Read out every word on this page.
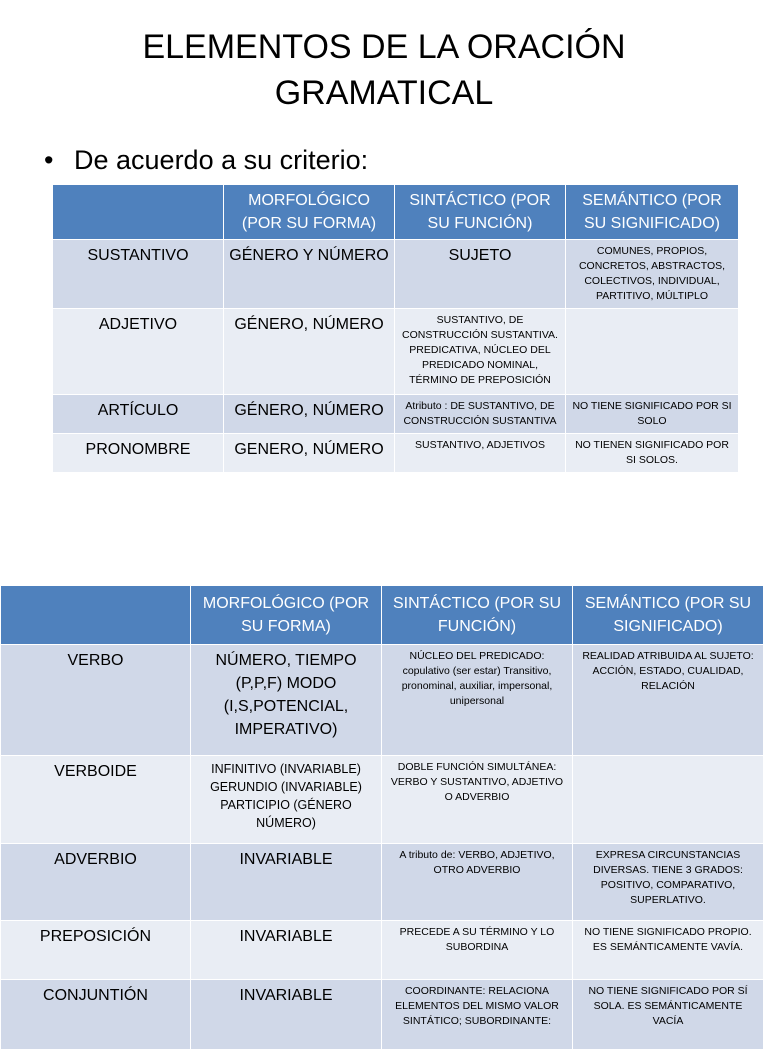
ELEMENTOS DE LA ORACIÓN
GRAMATICAL
• De acuerdo a su criterio:
	MORFOLÓGICO (POR SU FORMA)	SINTÁCTICO (POR SU FUNCIÓN)	SEMÁNTICO (POR SU SIGNIFICADO)
SUSTANTIVO	GÉNERO Y NÚMERO	SUJETO	COMUNES, PROPIOS, CONCRETOS, ABSTRACTOS, COLECTIVOS, INDIVIDUAL, PARTITIVO, MÚLTIPLO
ADJETIVO	GÉNERO, NÚMERO	SUSTANTIVO, DE CONSTRUCCIÓN SUSTANTIVA. PREDICATIVA, NÚCLEO DEL PREDICADO NOMINAL, TÉRMINO DE PREPOSICIÓN	
ARTÍCULO	GÉNERO, NÚMERO	Atributo : DE SUSTANTIVO, DE CONSTRUCCIÓN SUSTANTIVA	NO TIENE SIGNIFICADO POR SI SOLO
PRONOMBRE	GENERO, NÚMERO	SUSTANTIVO, ADJETIVOS	NO TIENEN SIGNIFICADO POR SI SOLOS.
	MORFOLÓGICO (POR SU FORMA)	SINTÁCTICO (POR SU FUNCIÓN)	SEMÁNTICO (POR SU SIGNIFICADO)
VERBO	NÚMERO, TIEMPO (P,P,F) MODO (I,S,POTENCIAL, IMPERATIVO)	NÚCLEO DEL PREDICADO: copulativo (ser estar) Transitivo, pronominal, auxiliar, impersonal, unipersonal	REALIDAD ATRIBUIDA AL SUJETO: ACCIÓN, ESTADO, CUALIDAD, RELACIÓN
VERBOIDE	INFINITIVO (INVARIABLE) GERUNDIO (INVARIABLE) PARTICIPIO (GÉNERO NÚMERO)	DOBLE FUNCIÓN SIMULTÁNEA: VERBO Y SUSTANTIVO, ADJETIVO O ADVERBIO	
ADVERBIO	INVARIABLE	A tributo de: VERBO, ADJETIVO, OTRO ADVERBIO	EXPRESA CIRCUNSTANCIAS DIVERSAS. TIENE 3 GRADOS: POSITIVO, COMPARATIVO, SUPERLATIVO.
PREPOSICIÓN	INVARIABLE	PRECEDE A SU TÉRMINO Y LO SUBORDINA	NO TIENE SIGNIFICADO PROPIO. ES SEMÁNTICAMENTE VAVÍA.
CONJUNTIÓN	INVARIABLE	COORDINANTE: RELACIONA ELEMENTOS DEL MISMO VALOR SINTÁTICO; SUBORDINANTE:	NO TIENE SIGNIFICADO POR SÍ SOLA. ES SEMÁNTICAMENTE VACÍA
